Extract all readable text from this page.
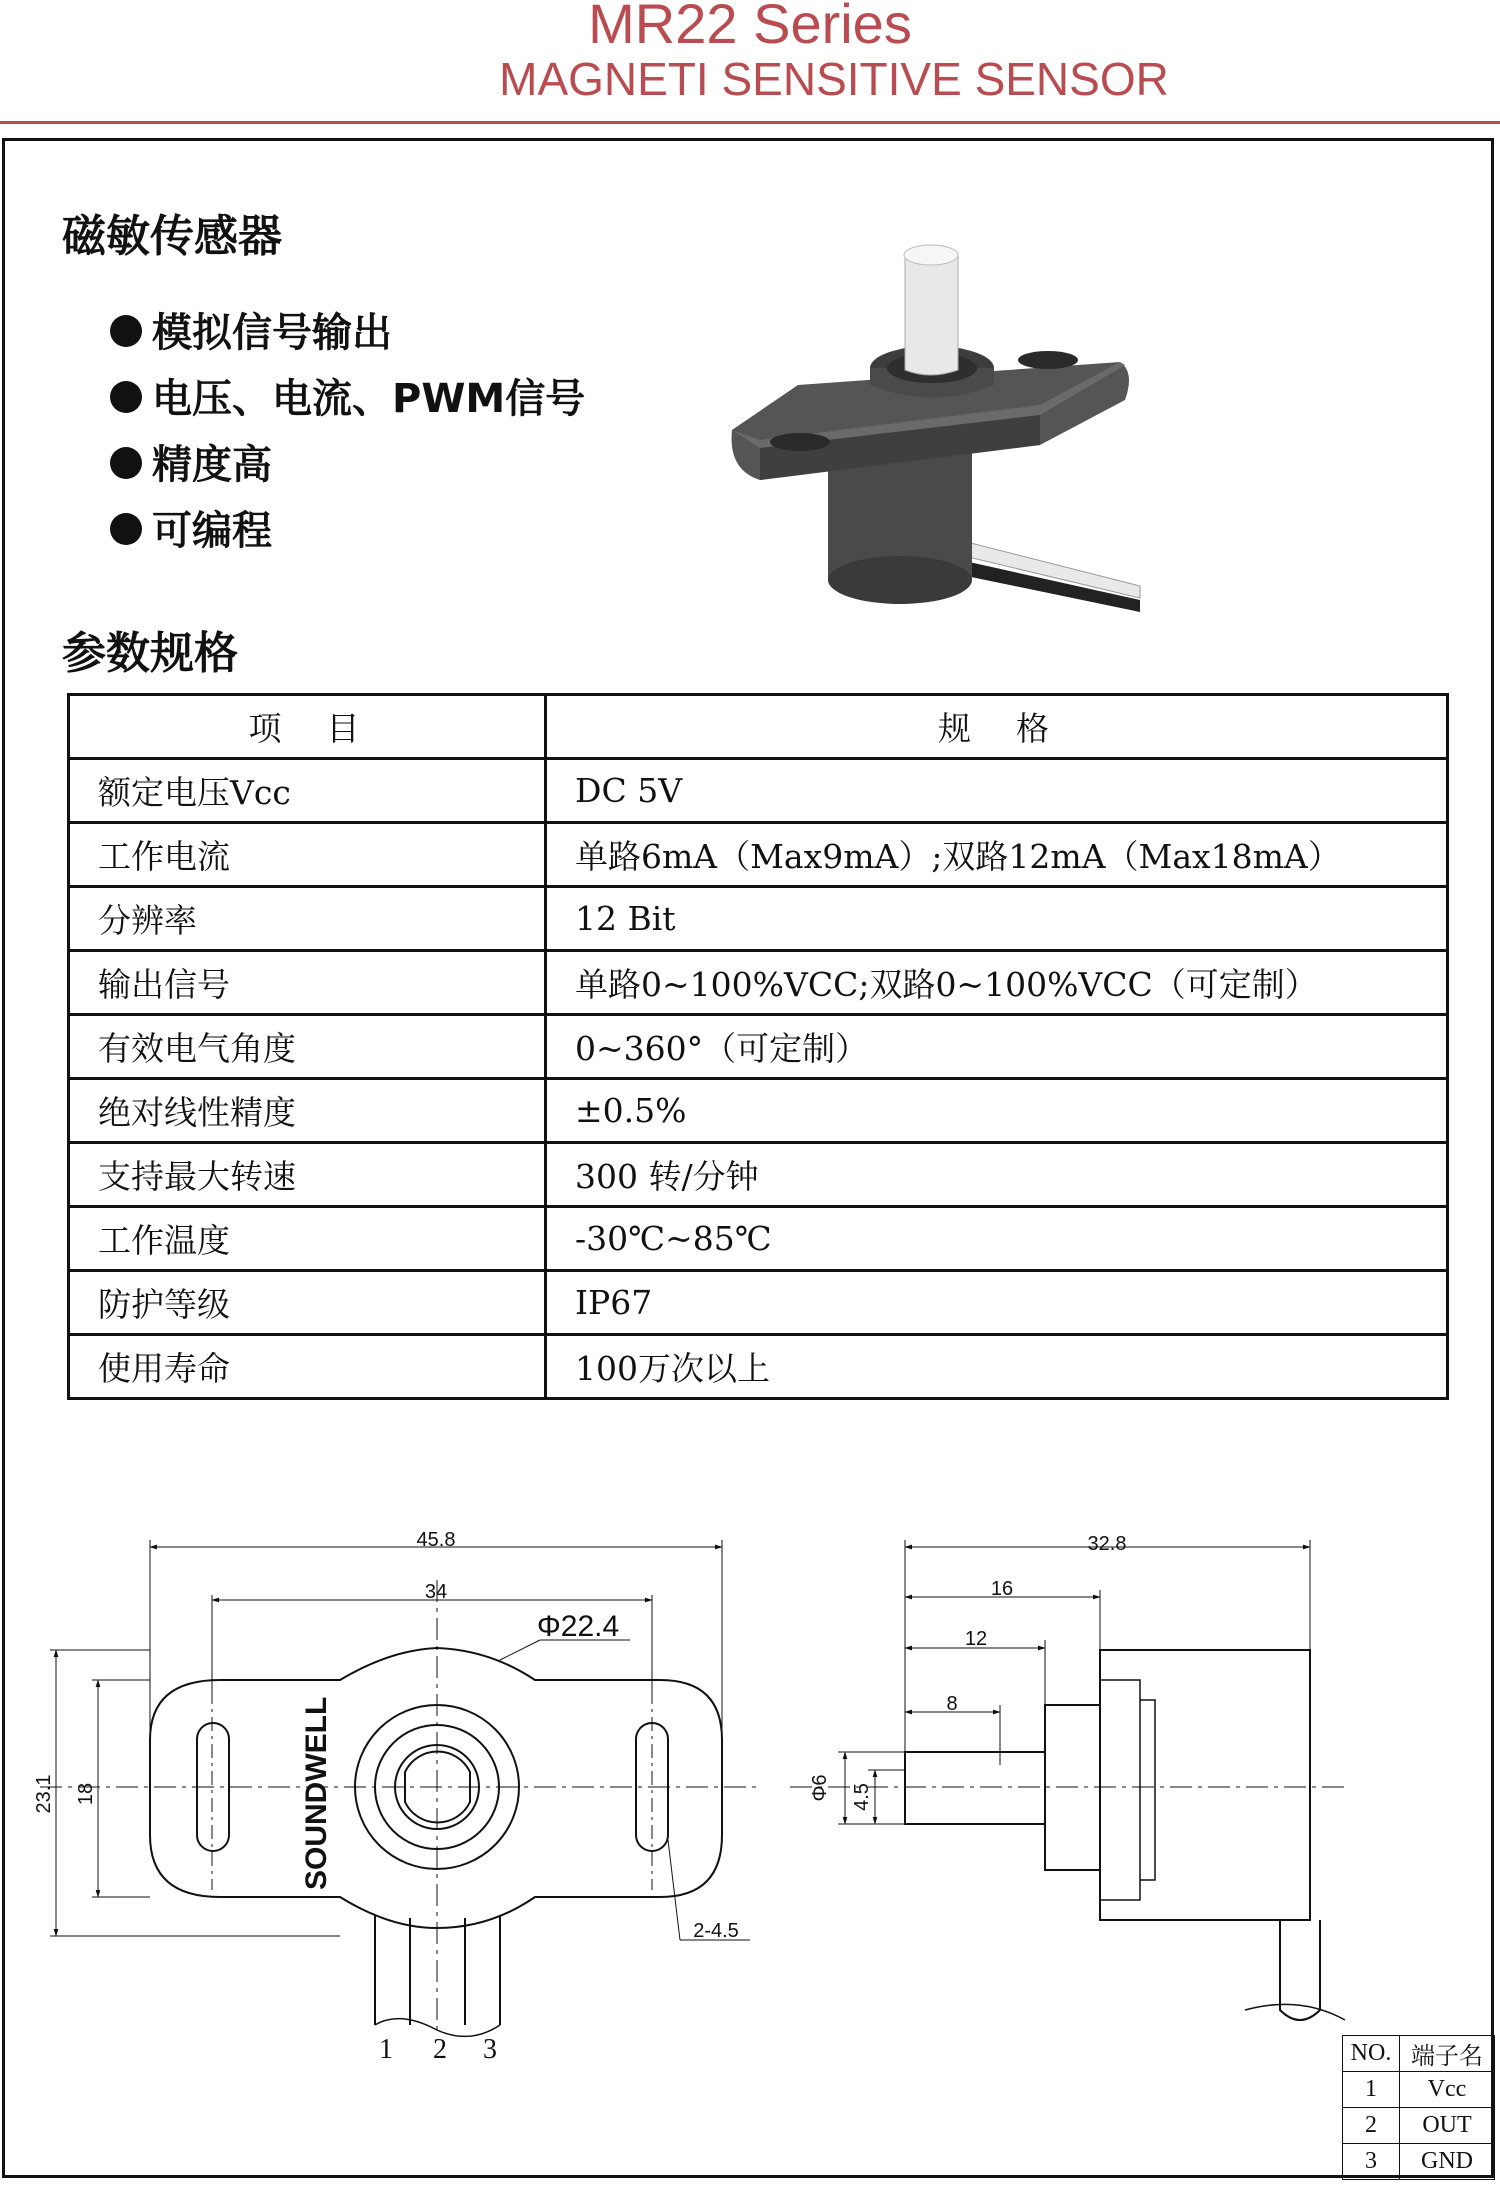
MR22 Series
MAGNETI SENSITIVE SENSOR
磁敏传感器
模拟信号输出
电压、电流、PWM信号
精度高
可编程
参数规格
项　目	规　格
额定电压Vcc	DC 5V
工作电流	单路6mA（Max9mA）;双路12mA（Max18mA）
分辨率	12 Bit
输出信号	单路0~100%VCC;双路0~100%VCC（可定制）
有效电气角度	0~360°（可定制）
绝对线性精度	±0.5%
支持最大转速	300 转/分钟
工作温度	-30℃~85℃
防护等级	IP67
使用寿命	100万次以上
SOUNDWELL
45.8
34
Φ22.4
23.1 18
2-4.5
1 2 3
32.8
16
12
8
Φ6 4.5
NO.	端子名
1	Vcc
2	OUT
3	GND
